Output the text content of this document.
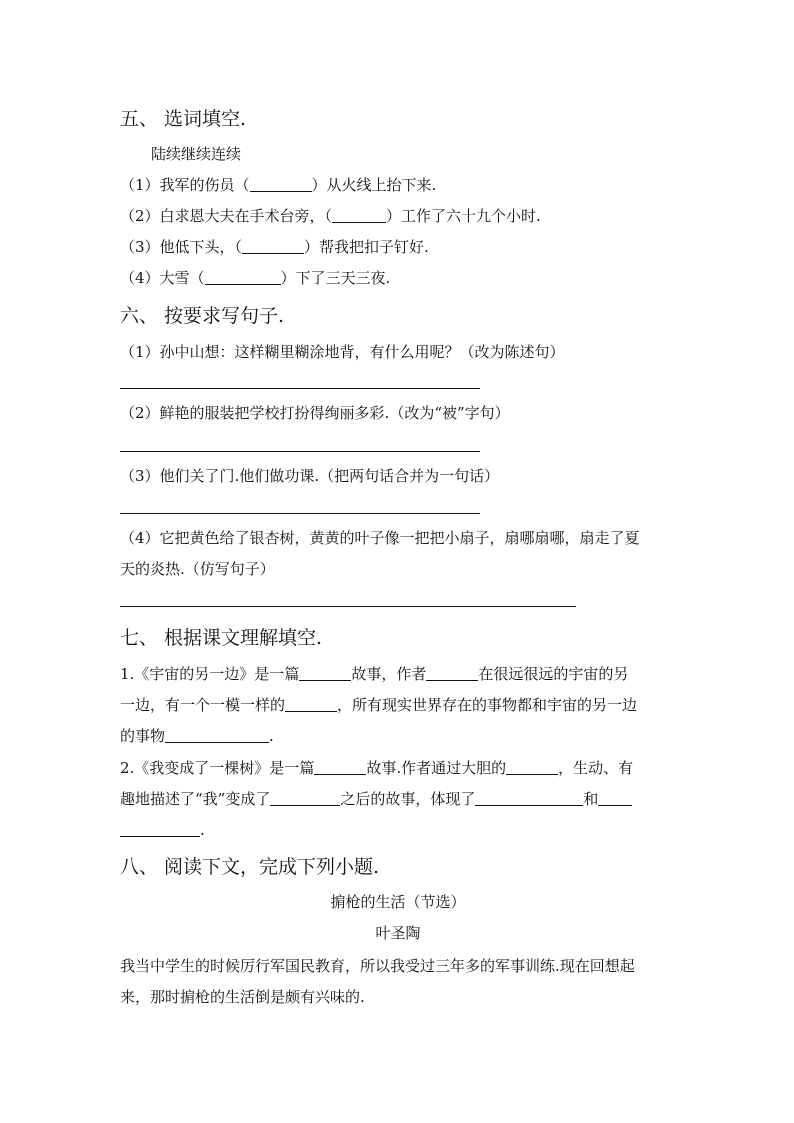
五、 选词填空.
陆续继续连续
（1）我军的伤员（	）从火线上抬下来.
（2）白求恩大夫在手术台旁，（	）工作了六十九个小时.
（3）他低下头，（	）帮我把扣子钉好.
（4）大雪（	）下了三天三夜.
六、 按要求写句子.
（1）孙中山想：这样糊里糊涂地背，有什么用呢？（改为陈述句）
（2）鲜艳的服装把学校打扮得绚丽多彩.（改为“被”字句）
（3）他们关了门.他们做功课.（把两句话合并为一句话）
（4）它把黄色给了银杏树，黄黄的叶子像一把把小扇子，扇哪扇哪，扇走了夏
天的炎热.（仿写句子）
七、 根据课文理解填空.
1.《宇宙的另一边》是一篇	故事，作者	在很远很远的宇宙的另
一边，有一个一模一样的	，所有现实世界存在的事物都和宇宙的另一边
的事物	.
2.《我变成了一棵树》是一篇	故事.作者通过大胆的	，生动、有
趣地描述了“我”变成了	之后的故事，体现了	和
.
八、 阅读下文，完成下列小题.
掮枪的生活（节选）
叶圣陶
我当中学生的时候厉行军国民教育，所以我受过三年多的军事训练.现在回想起
来，那时掮枪的生活倒是颇有兴味的.
